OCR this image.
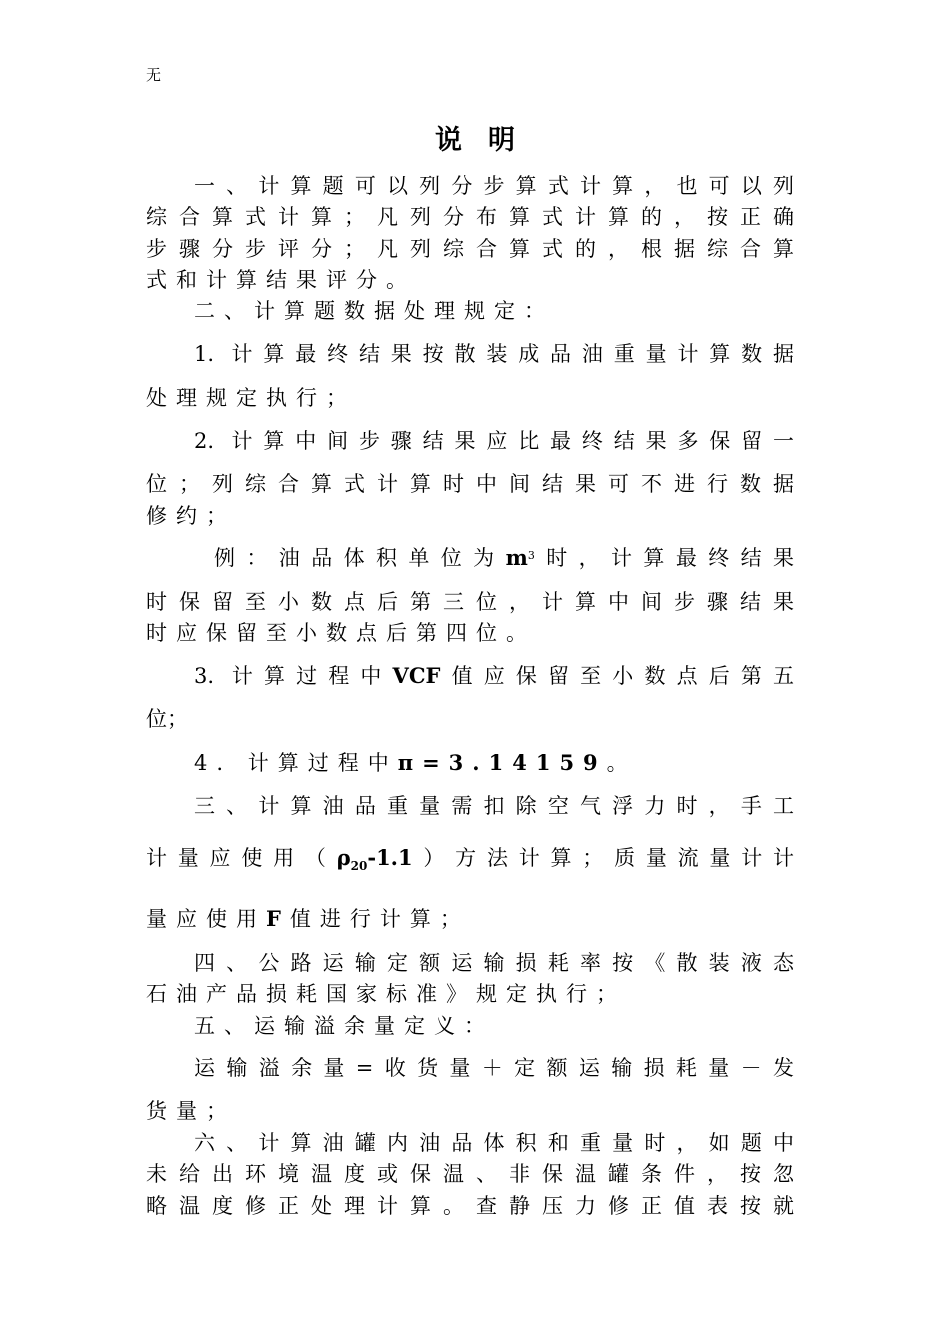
无
说明
一、计算题可以列分步算式计算，也可以列
综合算式计算；凡列分布算式计算的，按正确
步骤分步评分；凡列综合算式的，根据综合算
式和计算结果评分。
二、计算题数据处理规定：
1. 计算最终结果按散装成品油重量计算数据
处理规定执行；
2. 计算中间步骤结果应比最终结果多保留一
位；列综合算式计算时中间结果可不进行数据
修约；
例：油品体积单位为$m^3$时，计算最终结果
时保留至小数点后第三位，计算中间步骤结果
时应保留至小数点后第四位。
3. 计算过程中VCF值应保留至小数点后第五
位；
4. 计算过程中π=3.14159。
三、计算油品重量需扣除空气浮力时，手工
计量应使用$(\rho_{20}-1.1)$方法计算；质量流量计计
量应使用F值进行计算；
四、公路运输定额运输损耗率按《散装液态
石油产品损耗国家标准》规定执行；
五、运输溢余量定义：
运输溢余量=收货量＋定额运输损耗量－发
货量；
六、计算油罐内油品体积和重量时，如题中
未给出环境温度或保温、非保温罐条件，按忽
略温度修正处理计算。查静压力修正值表按就
